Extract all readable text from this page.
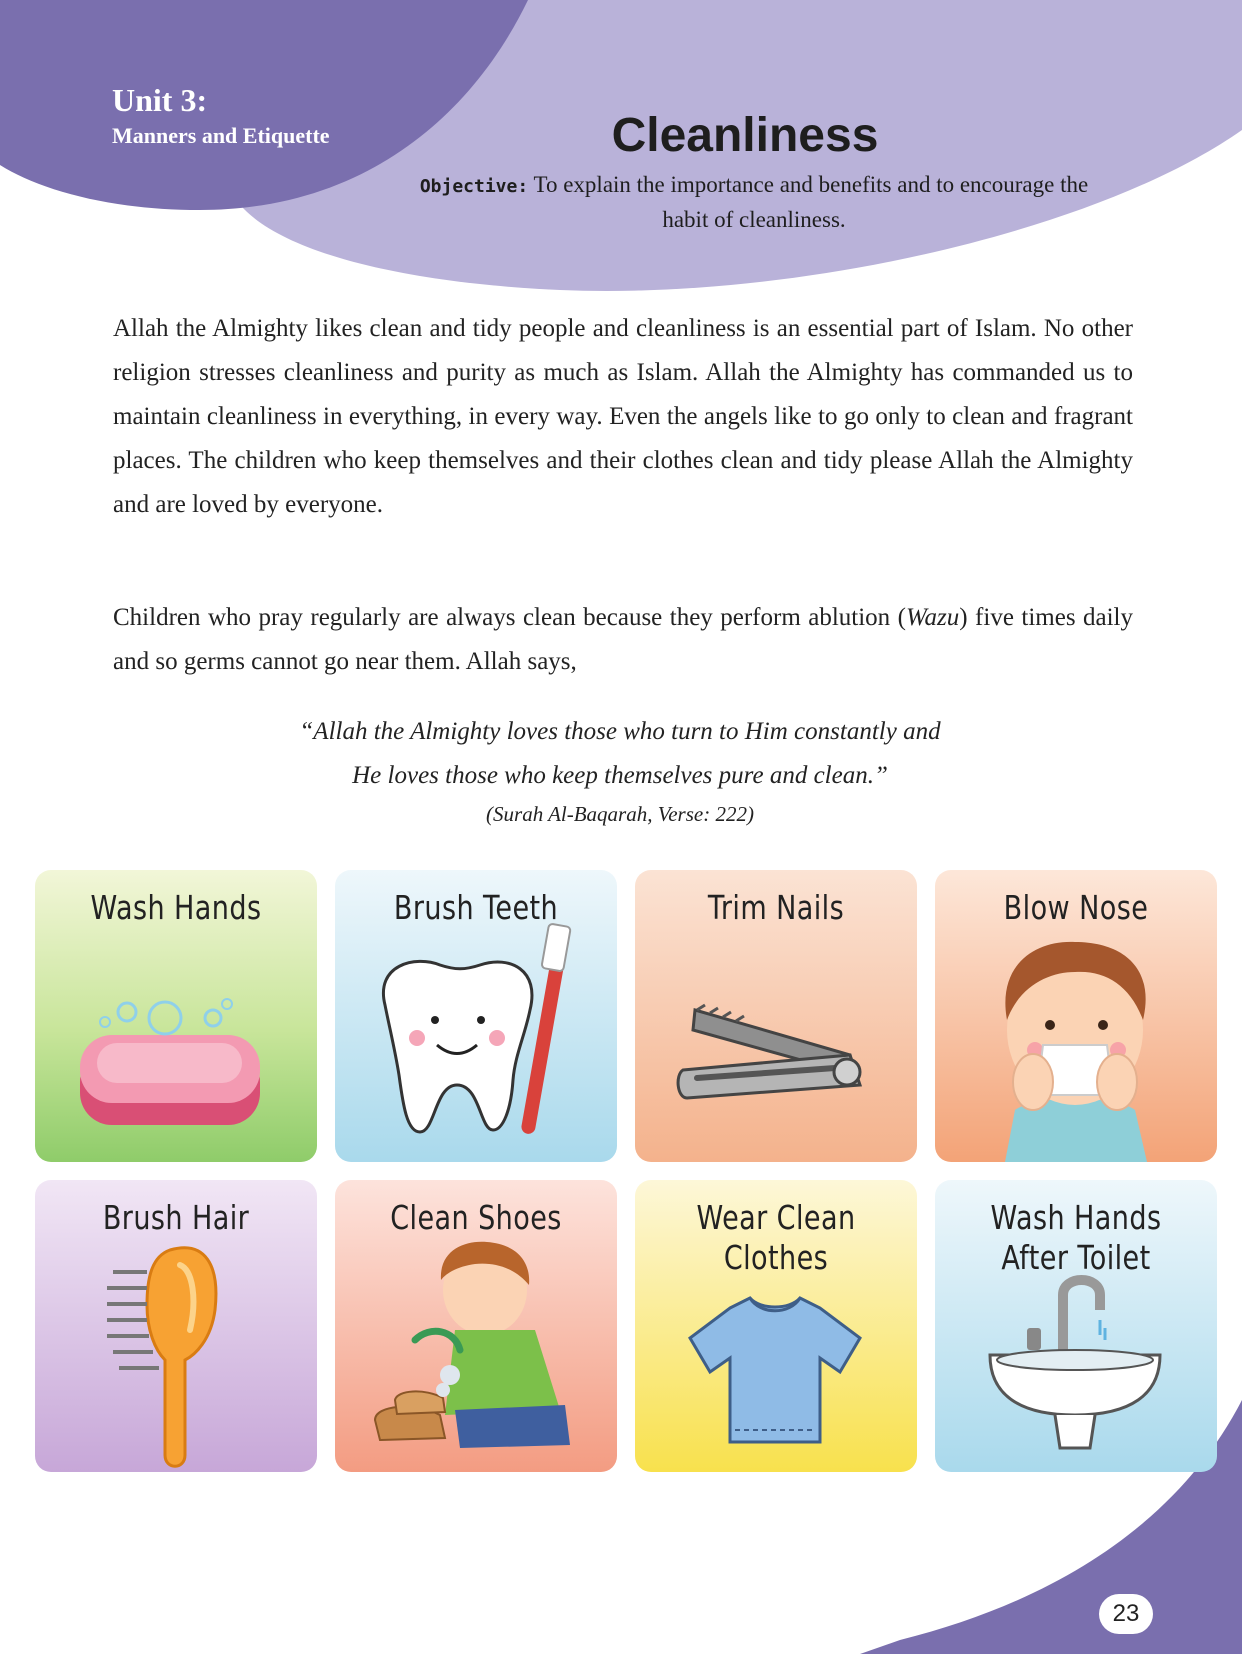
Unit 3:
Manners and Etiquette	Cleanliness
Objective: To explain the importance and benefits and to encourage the habit of cleanliness.

Allah the Almighty likes clean and tidy people and cleanliness is an essential part of Islam. No other religion stresses cleanliness and purity as much as Islam. Allah the Almighty has commanded us to maintain cleanliness in everything, in every way. Even the angels like to go only to clean and fragrant places. The children who keep themselves and their clothes clean and tidy please Allah the Almighty and are loved by everyone.

Children who pray regularly are always clean because they perform ablution (Wazu) five times daily and so germs cannot go near them. Allah says,

“Allah the Almighty loves those who turn to Him constantly and
He loves those who keep themselves pure and clean.”
(Surah Al-Baqarah, Verse: 222)
Wash Hands	Brush Teeth	Trim Nails	Blow Nose
Brush Hair	Clean Shoes	Wear Clean Clothes
Wash Hands After Toilet
23
